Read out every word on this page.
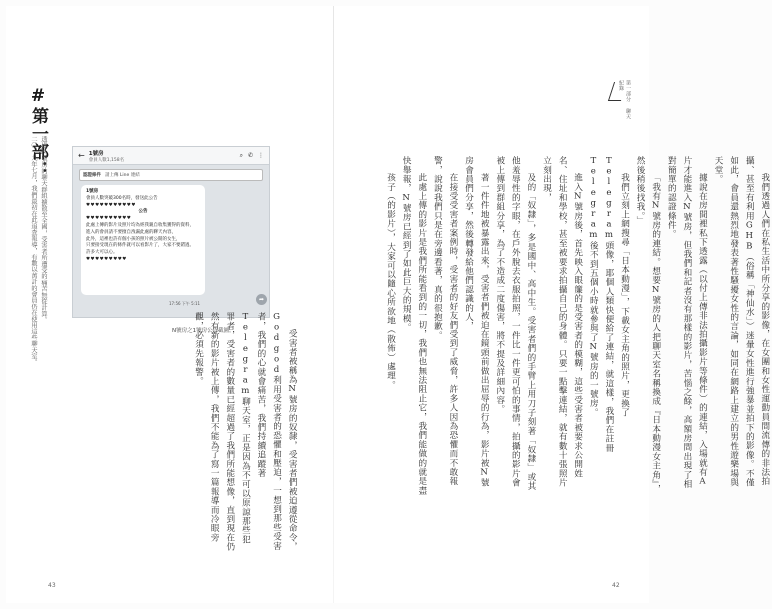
第一部分 聊天紀錄

我們透過人們在私生活中所分享的影像，在女團和女性運動員間流傳的非法拍攝、甚至有利用GHB（俗稱「神仙水」）迷暈女性進行強暴並拍下的影像。不僅如此，會員還熱烈地發表著性騷擾女性的言論，如同在網路上建立的男性遊樂場與天堂。

據說在房間裡私下透露（以付上傳非法拍攝影片等條件）的連結，入場就有A片才能進入N號房，但我們和記者沒有那樣的影片，苦惱之餘，高額房間出現了相對簡單的認證條件。

「我有N號房的連結。想要N號房的人把聊天室名稱換成『日本動漫女主角』，然後稍後找我。」

我們立刻上網搜尋「日本動漫」，下載女主角的照片，更換了Telegram頭像，耶個人類快便給了連結，就這樣，我們在註冊Telegram後不到五個小時就參與了N號房的一號房。

進入N號房後，首先映入眼簾的是受害者的模糊，這些受害者被要求公開姓名、住址和學校，甚至被要求拍攝自己的身體。只要一點擊連結，就有數十張照片立刻出現，

及的「奴隸」，多是國中、高中生。受害者們的手臂上用刀子刻著「奴隸」或其他羞辱性的字眼，在戶外脫去衣服拍照，一件比一件更可怕的事情，拍攝的影片會被上傳到群組分享，為了不造成二度傷害，將不提及詳細內容。

著一件件地被暴露出來，受害者們被迫在鏡頭前做出屈辱的行為，影片被N號房會員們分享，然後轉發給他們認識的人，

在接受受害者案例時，受害者的好友們受到了威脅，許多人因為恐懼而不敢報警，說說我們只是在旁邊看著，真的很抱歉。

此處上傳的影片是我們所能看到的一切，我們也無法阻止它，我們能做的就是盡快舉報，N號房已經到了如此巨大的規模。

孩子（的影片），大家可以隨心所欲地（散佈）處理。

#第一部：

透過N號房的聊天群組擴散至全國，受害者所遭受的痛苦無從計算。

二〇一九年七月，我們最初在此追查報導，有數以萬計的會員仍在使用這些聊天室。	← 1號房
會員人數1,158名
⌕ ✆ ⋮
認證條件 請上傳 Line 連結
1號房
會員人數突破300名時，發送此公告
♥♥♥♥♥♥♥♥♥♥♥
公告
♥♥♥♥♥♥♥♥♥♥
此處上傳的影片及照片均為經我親自收集獲得的資料，
進入的會員請不要擅自洩漏此處的聊天內容，
此外，這裡也許有個小孩的照片被公開的女生，
只要接受現在的條件就可以看影片了，大家不要錯過。
許多大可以心。
♥♥♥♥♥♥♥♥♥
17:56 下午 5:11
➦
N號房之1號房公告截圖。	受害者被稱為N號房的奴隸，受害者們被迫遵從命令，Godgod利用受害者的恐懼和壓迫，一想到那些受害者，我們的心就會痛苦，我們持續追蹤著Telegram聊天室，正是因為不可以原諒那些犯罪者，受害者的數量已經超過了我們所能想像，直到現在仍然有新的影片被上傳，我們不能為了寫一篇報導而冷眼旁觀，必須先報警。

43	42
